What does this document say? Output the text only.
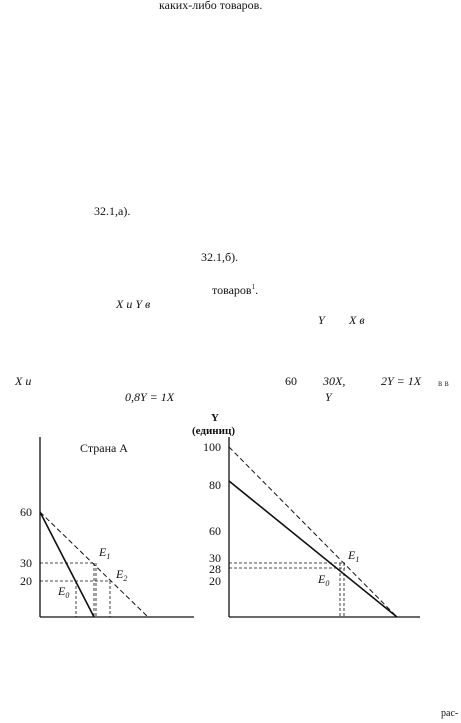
каких-либо товаров.
32.1,а).
32.1,б).
товаров$^1$.
X и Y в
Y X в
X и	60 30X,	2Y = 1X в в
0,8Y = 1X	Y
рас-
Страна А
60
30
20
$E_1$
$E_2$
$E_0$
Y
(единиц)
100
80
60
30
28
20
$E_1$
$E_0$
